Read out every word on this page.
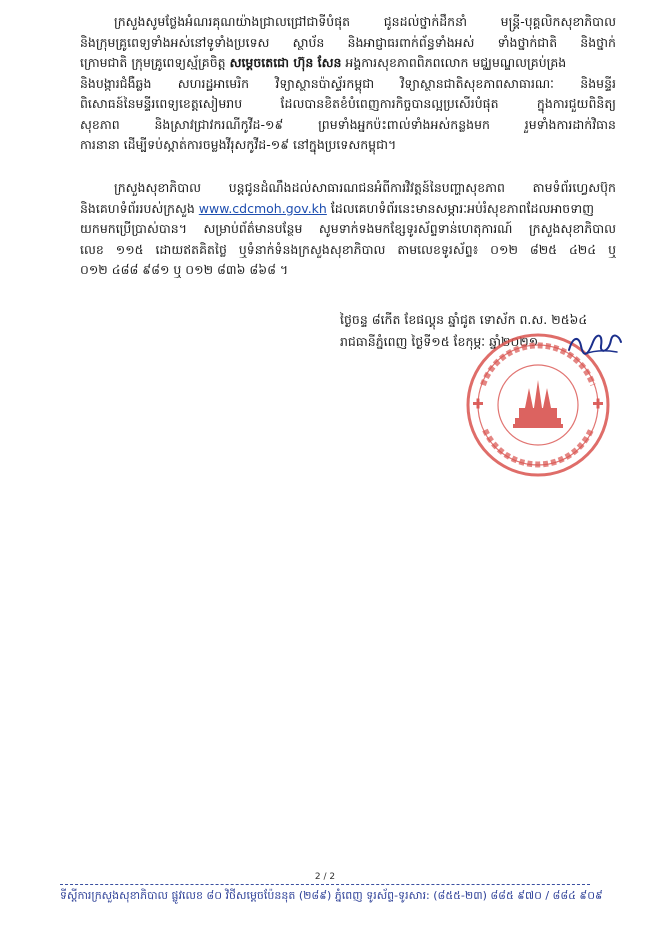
ក្រសួងសូមថ្លែងអំណរគុណយ៉ាងជ្រាលជ្រៅជាទីបំផុត ជូនដល់ថ្នាក់ដឹកនាំ មន្ត្រី-បុគ្គលិកសុខាភិបាល
និងក្រុមគ្រូពេទ្យទាំងអស់នៅទូទាំងប្រទេស ស្ថាប័ន និងអាជ្ញាធរពាក់ព័ន្ធទាំងអស់ ទាំងថ្នាក់ជាតិ និងថ្នាក់
ក្រោមជាតិ ក្រុមគ្រូពេទ្យស្ម័គ្រចិត្ត សម្តេចតេជោ ហ៊ុន សែន អង្គការសុខភាពពិភពលោក មជ្ឈមណ្ឌលគ្រប់គ្រង
និងបង្ការជំងឺឆ្លង សហរដ្ឋអាមេរិក វិទ្យាស្ថានប៉ាស្ទ័រកម្ពុជា វិទ្យាស្ថានជាតិសុខភាពសាធារណៈ និងមន្ទីរ
ពិសោធន៍នៃមន្ទីរពេទ្យខេត្តសៀមរាប ដែលបានខិតខំបំពេញការកិច្ចបានល្អប្រសើរបំផុត ក្នុងការជួយពិនិត្យ
សុខភាព និងស្រាវជ្រាវករណីកូវីដ-១៩ ព្រមទាំងអ្នកប៉ះពាល់ទាំងអស់កន្លងមក រួមទាំងការដាក់វិធាន
ការនានា ដើម្បីទប់ស្កាត់ការចម្លងវីរុសកូវីដ-១៩ នៅក្នុងប្រទេសកម្ពុជា។

ក្រសួងសុខាភិបាល បន្តជូនដំណឹងដល់សាធារណជនអំពីការវិវត្តន៍នៃបញ្ហាសុខភាព តាមទំព័រហ្វេសប៊ុក
និងគេហទំព័ររបស់ក្រសួង www.cdcmoh.gov.kh ដែលគេហទំព័រនេះមានសម្ភារៈអប់រំសុខភាពដែលអាចទាញ
យកមកប្រើប្រាស់បាន។ សម្រាប់ព័ត៌មានបន្ថែម សូមទាក់ទងមកខ្សែទូរស័ព្ទទាន់ហេតុការណ៍ ក្រសួងសុខាភិបាល
លេខ ១១៥ ដោយឥតគិតថ្លៃ ឬទំនាក់ទំនងក្រសួងសុខាភិបាល តាមលេខទូរស័ព្ទ៖ ០១២ ៨២៥ ៤២៤ ឬ
០១២ ៤៨៨ ៩៨១ ឬ ០១២ ៨៣៦ ៨៦៨ ។

ថ្ងៃចន្ទ ៨កើត ខែផល្គុន ឆ្នាំជូត ទោស័ក ព.ស. ២៥៦៤
រាជធានីភ្នំពេញ ថ្ងៃទី១៥ ខែកុម្ភៈ ឆ្នាំ២០២១
2 / 2
ទីស្តីការក្រសួងសុខាភិបាល ផ្លូវលេខ ៨០ វិថីសម្តេចប៉ែននុត (២៨៩) ភ្នំពេញ ទូរស័ព្ទ-ទូរសារ: (៨៥៥-២៣) ៨៨៥ ៩៧០ / ៨៨៤ ៩០៩
